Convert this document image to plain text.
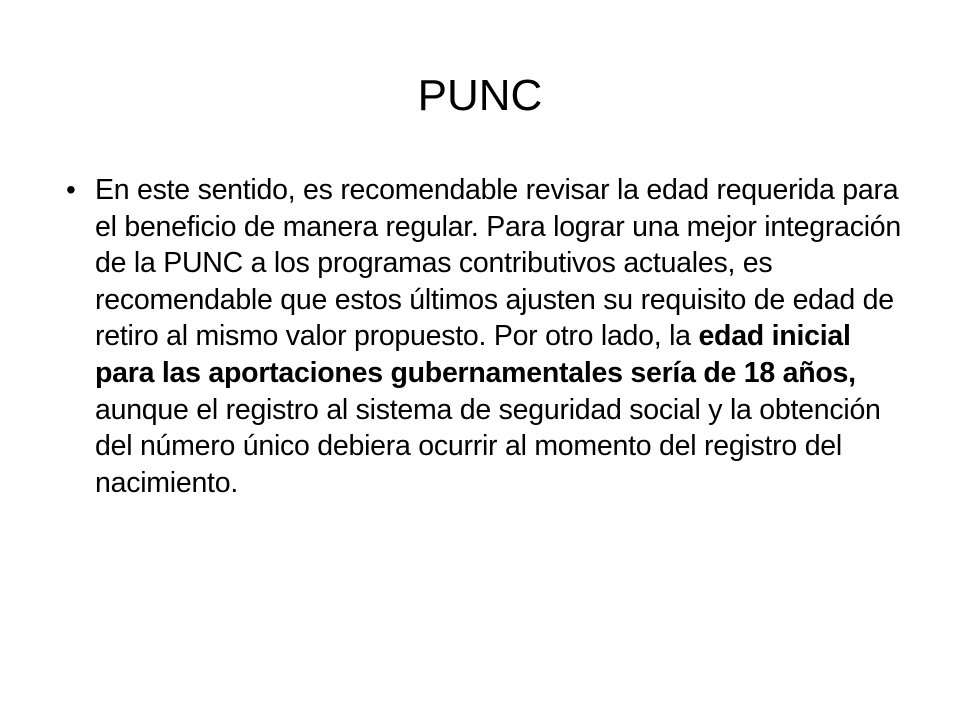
PUNC
• En este sentido, es recomendable revisar la edad requerida para el beneficio de manera regular. Para lograr una mejor integración de la PUNC a los programas contributivos actuales, es recomendable que estos últimos ajusten su requisito de edad de retiro al mismo valor propuesto. Por otro lado, la edad inicial para las aportaciones gubernamentales sería de 18 años, aunque el registro al sistema de seguridad social y la obtención del número único debiera ocurrir al momento del registro del nacimiento.
